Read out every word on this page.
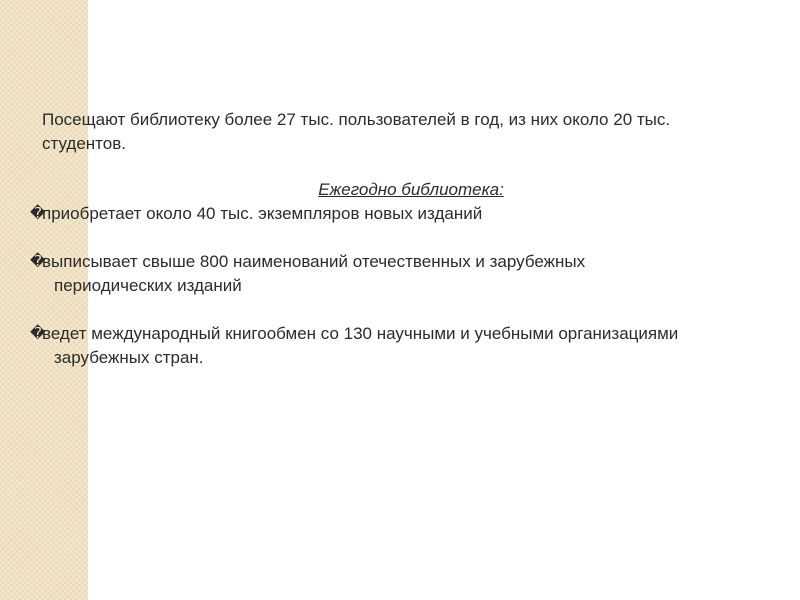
Посещают библиотеку более 27 тыс. пользователей в год, из них около 20 тыс.
студентов.

Ежегодно библиотека:

�
приобретает около 40 тыс. экземпляров новых изданий
�
выписывает свыше 800 наименований отечественных и зарубежных
периодических изданий
�
ведет международный книгообмен со 130 научными и учебными организациями
зарубежных стран.
